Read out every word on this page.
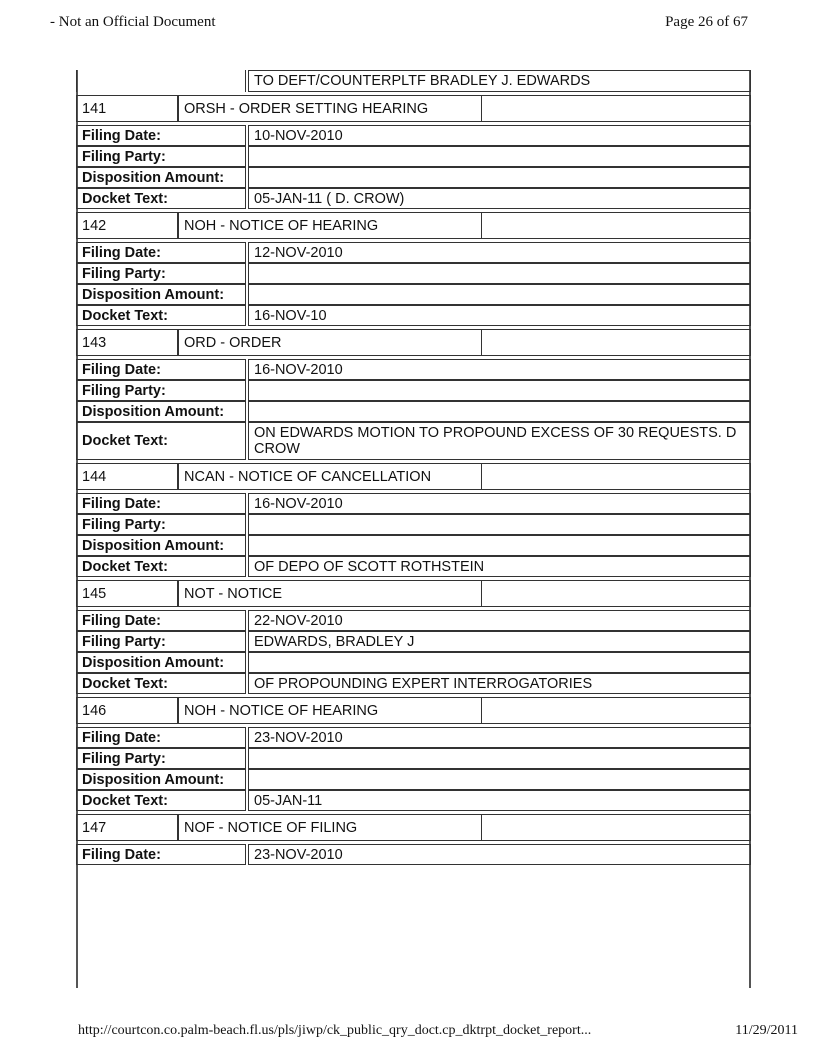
- Not an Official Document	Page 26 of 67
TO DEFT/COUNTERPLTF BRADLEY J. EDWARDS
141	ORSH - ORDER SETTING HEARING
Filing Date:	10-NOV-2010
Filing Party:
Disposition Amount:
Docket Text:	05-JAN-11 ( D. CROW)
142	NOH - NOTICE OF HEARING
Filing Date:	12-NOV-2010
Filing Party:
Disposition Amount:
Docket Text:	16-NOV-10
143	ORD - ORDER
Filing Date:	16-NOV-2010
Filing Party:
Disposition Amount:
Docket Text:	ON EDWARDS MOTION TO PROPOUND EXCESS OF 30 REQUESTS. D CROW
144	NCAN - NOTICE OF CANCELLATION
Filing Date:	16-NOV-2010
Filing Party:
Disposition Amount:
Docket Text:	OF DEPO OF SCOTT ROTHSTEIN
145	NOT - NOTICE
Filing Date:	22-NOV-2010
Filing Party:	EDWARDS, BRADLEY J
Disposition Amount:
Docket Text:	OF PROPOUNDING EXPERT INTERROGATORIES
146	NOH - NOTICE OF HEARING
Filing Date:	23-NOV-2010
Filing Party:
Disposition Amount:
Docket Text:	05-JAN-11
147	NOF - NOTICE OF FILING
Filing Date:	23-NOV-2010
http://courtcon.co.palm-beach.fl.us/pls/jiwp/ck_public_qry_doct.cp_dktrpt_docket_report...	11/29/2011
